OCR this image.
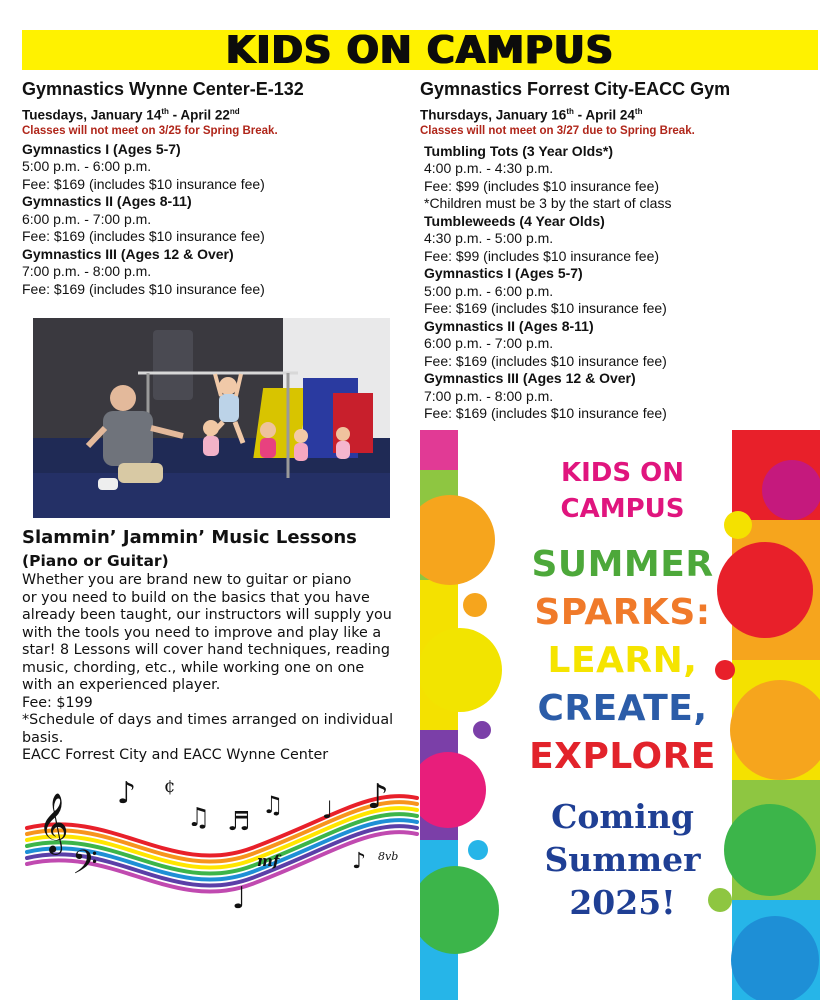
KIDS ON CAMPUS
Gymnastics Wynne Center-E-132
Tuesdays, January 14th - April 22nd
Classes will not meet on 3/25 for Spring Break.
Gymnastics I (Ages 5-7)
5:00 p.m. - 6:00 p.m.
Fee: $169 (includes $10 insurance fee)
Gymnastics II (Ages 8-11)
6:00 p.m. - 7:00 p.m.
Fee: $169 (includes $10 insurance fee)
Gymnastics III (Ages 12 & Over)
7:00 p.m. - 8:00 p.m.
Fee: $169 (includes $10 insurance fee)
Gymnastics Forrest City-EACC Gym
Thursdays, January 16th - April 24th
Classes will not meet on 3/27 due to Spring Break.
Tumbling Tots (3 Year Olds*)
4:00 p.m. - 4:30 p.m.
Fee: $99 (includes $10 insurance fee)
*Children must be 3 by the start of class
Tumbleweeds (4 Year Olds)
4:30 p.m. - 5:00 p.m.
Fee: $99 (includes $10 insurance fee)
Gymnastics I (Ages 5-7)
5:00 p.m. - 6:00 p.m.
Fee: $169 (includes $10 insurance fee)
Gymnastics II (Ages 8-11)
6:00 p.m. - 7:00 p.m.
Fee: $169 (includes $10 insurance fee)
Gymnastics III (Ages 12 & Over)
7:00 p.m. - 8:00 p.m.
Fee: $169 (includes $10 insurance fee)
Slammin’ Jammin’ Music Lessons
(Piano or Guitar)
Whether you are brand new to guitar or piano
or you need to build on the basics that you have
already been taught, our instructors will supply you
with the tools you need to improve and play like a
star! 8 Lessons will cover hand techniques, reading
music, chording, etc., while working one on one
with an experienced player.
Fee: $199
*Schedule of days and times arranged on individual
basis.
EACC Forrest City and EACC Wynne Center
𝄞
𝄢
♪ ¢
♫ ♬
♫ ♩ ♪
♩
♪
mf	8vb
KIDS ON
CAMPUS
SUMMER
SPARKS:
LEARN,
CREATE,
EXPLORE
Coming
Summer
2025!
